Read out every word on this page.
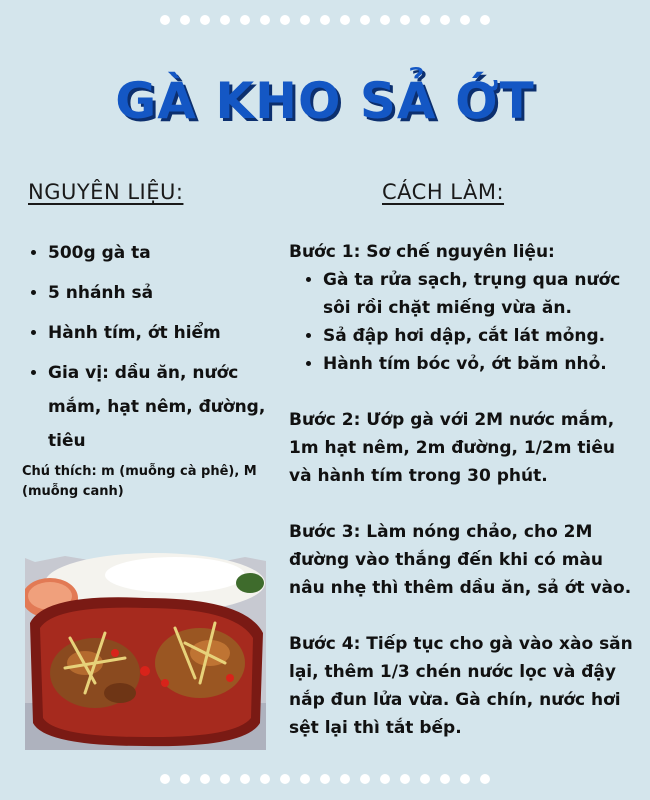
GÀ KHO SẢ ỚT
NGUYÊN LIỆU:	CÁCH LÀM:
• 500g gà ta
• 5 nhánh sả
• Hành tím, ớt hiểm
• Gia vị: dầu ăn, nước mắm, hạt nêm, đường, tiêu

Chú thích: m (muỗng cà phê), M (muỗng canh)

Bước 1: Sơ chế nguyên liệu:

• Gà ta rửa sạch, trụng qua nước sôi rồi chặt miếng vừa ăn.
• Sả đập hơi dập, cắt lát mỏng.
• Hành tím bóc vỏ, ớt băm nhỏ.

Bước 2: Ướp gà với 2M nước mắm, 1m hạt nêm, 2m đường, 1/2m tiêu và hành tím trong 30 phút.

Bước 3: Làm nóng chảo, cho 2M đường vào thắng đến khi có màu nâu nhẹ thì thêm dầu ăn, sả ớt vào.

Bước 4: Tiếp tục cho gà vào xào săn lại, thêm 1/3 chén nước lọc và đậy nắp đun lửa vừa. Gà chín, nước hơi sệt lại thì tắt bếp.
